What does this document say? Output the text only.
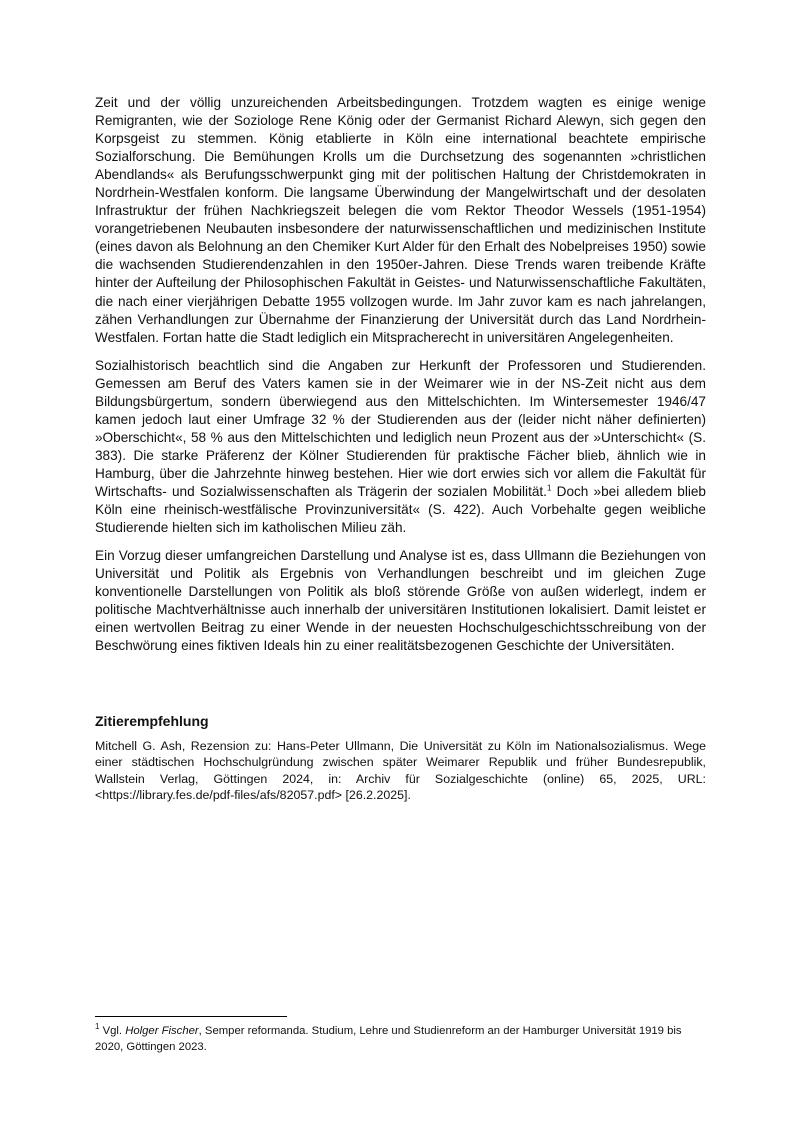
Zeit und der völlig unzureichenden Arbeitsbedingungen. Trotzdem wagten es einige wenige Remigranten, wie der Soziologe Rene König oder der Germanist Richard Alewyn, sich gegen den Korpsgeist zu stemmen. König etablierte in Köln eine international beachtete empirische Sozialforschung. Die Bemühungen Krolls um die Durchsetzung des sogenannten »christlichen Abendlands« als Berufungsschwerpunkt ging mit der politischen Haltung der Christdemokraten in Nordrhein-Westfalen konform. Die langsame Überwindung der Mangelwirtschaft und der desolaten Infrastruktur der frühen Nachkriegszeit belegen die vom Rektor Theodor Wessels (1951-1954) vorangetriebenen Neubauten insbesondere der naturwissenschaftlichen und medizinischen Institute (eines davon als Belohnung an den Chemiker Kurt Alder für den Erhalt des Nobelpreises 1950) sowie die wachsenden Studierendenzahlen in den 1950er-Jahren. Diese Trends waren treibende Kräfte hinter der Aufteilung der Philosophischen Fakultät in Geistes- und Naturwissenschaftliche Fakultäten, die nach einer vierjährigen Debatte 1955 vollzogen wurde. Im Jahr zuvor kam es nach jahrelangen, zähen Verhandlungen zur Übernahme der Finanzierung der Universität durch das Land Nordrhein-Westfalen. Fortan hatte die Stadt lediglich ein Mitspracherecht in universitären Angelegenheiten.

Sozialhistorisch beachtlich sind die Angaben zur Herkunft der Professoren und Studierenden. Gemessen am Beruf des Vaters kamen sie in der Weimarer wie in der NS-Zeit nicht aus dem Bildungsbürgertum, sondern überwiegend aus den Mittelschichten. Im Wintersemester 1946/47 kamen jedoch laut einer Umfrage 32 % der Studierenden aus der (leider nicht näher definierten) »Oberschicht«, 58 % aus den Mittelschichten und lediglich neun Prozent aus der »Unterschicht« (S. 383). Die starke Präferenz der Kölner Studierenden für praktische Fächer blieb, ähnlich wie in Hamburg, über die Jahrzehnte hinweg bestehen. Hier wie dort erwies sich vor allem die Fakultät für Wirtschafts- und Sozialwissenschaften als Trägerin der sozialen Mobilität.$^1$ Doch »bei alledem blieb Köln eine rheinisch-westfälische Provinzuniversität« (S. 422). Auch Vorbehalte gegen weibliche Studierende hielten sich im katholischen Milieu zäh.

Ein Vorzug dieser umfangreichen Darstellung und Analyse ist es, dass Ullmann die Beziehungen von Universität und Politik als Ergebnis von Verhandlungen beschreibt und im gleichen Zuge konventionelle Darstellungen von Politik als bloß störende Größe von außen widerlegt, indem er politische Machtverhältnisse auch innerhalb der universitären Institutionen lokalisiert. Damit leistet er einen wertvollen Beitrag zu einer Wende in der neuesten Hochschulgeschichtsschreibung von der Beschwörung eines fiktiven Ideals hin zu einer realitätsbezogenen Geschichte der Universitäten.

Zitierempfehlung

Mitchell G. Ash, Rezension zu: Hans-Peter Ullmann, Die Universität zu Köln im Nationalsozialismus. Wege einer städtischen Hochschulgründung zwischen später Weimarer Republik und früher Bundesrepublik, Wallstein Verlag, Göttingen 2024, in: Archiv für Sozialgeschichte (online) 65, 2025, URL: <https://library.fes.de/pdf-files/afs/82057.pdf> [26.2.2025].

$^1$ Vgl. Holger Fischer, Semper reformanda. Studium, Lehre und Studienreform an der Hamburger Universität 1919 bis 2020, Göttingen 2023.
